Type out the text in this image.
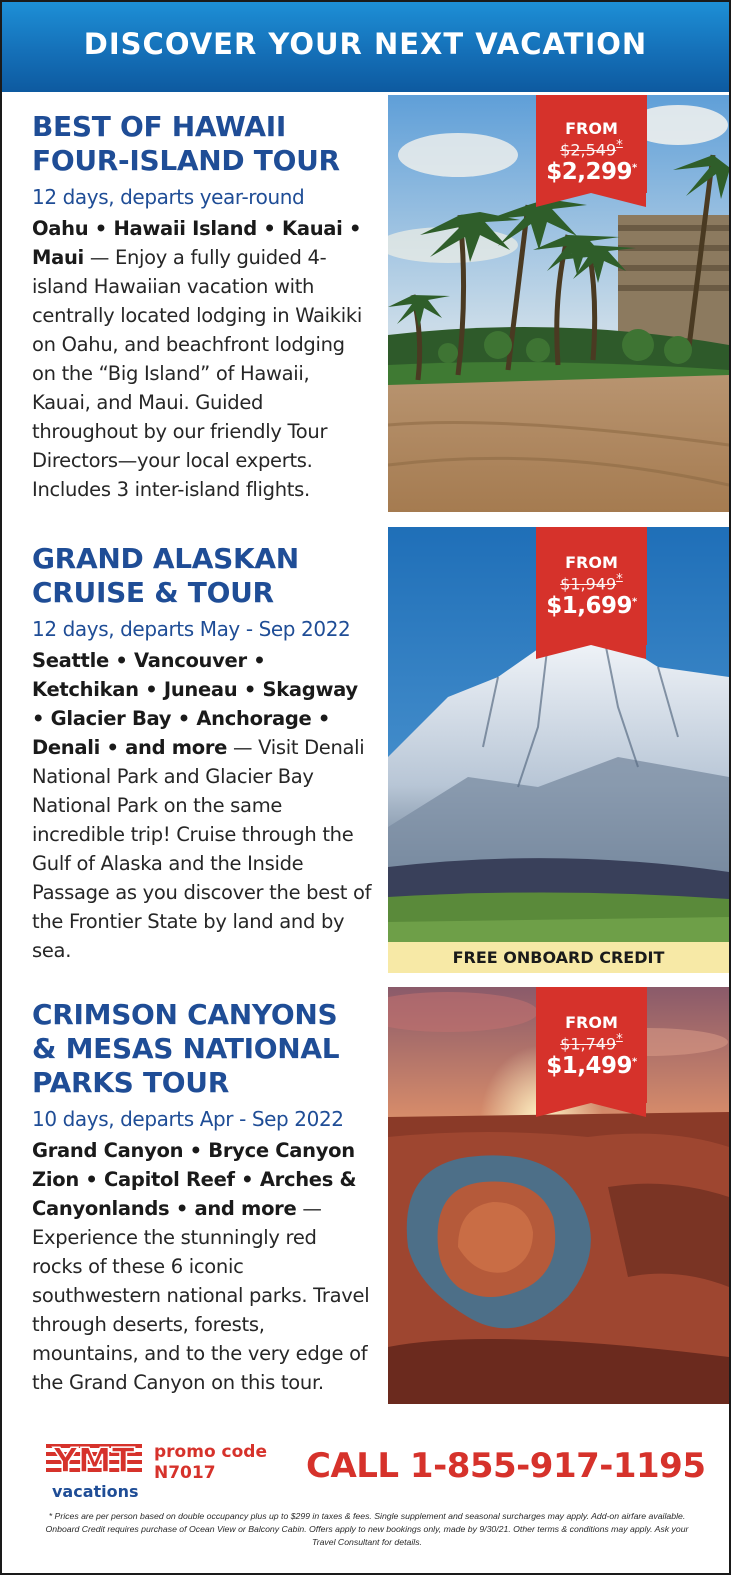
DISCOVER YOUR NEXT VACATION
BEST OF HAWAII
FOUR-ISLAND TOUR
12 days, departs year-round
Oahu • Hawaii Island • Kauai • Maui — Enjoy a fully guided 4-island Hawaiian vacation with centrally located lodging in Waikiki on Oahu, and beachfront lodging on the “Big Island” of Hawaii, Kauai, and Maui. Guided throughout by our friendly Tour Directors—your local experts. Includes 3 inter-island flights.
FROM
$2,549*
$2,299*
GRAND ALASKAN
CRUISE & TOUR
12 days, departs May - Sep 2022
Seattle • Vancouver • Ketchikan • Juneau • Skagway • Glacier Bay • Anchorage • Denali • and more — Visit Denali National Park and Glacier Bay National Park on the same incredible trip! Cruise through the Gulf of Alaska and the Inside Passage as you discover the best of the Frontier State by land and by sea.
FROM
$1,949*
$1,699*
FREE ONBOARD CREDIT
CRIMSON CANYONS
& MESAS NATIONAL
PARKS TOUR
10 days, departs Apr - Sep 2022
Grand Canyon • Bryce Canyon Zion • Capitol Reef • Arches & Canyonlands • and more — Experience the stunningly red rocks of these 6 iconic southwestern national parks. Travel through deserts, forests, mountains, and to the very edge of the Grand Canyon on this tour.
FROM
$1,749*
$1,499*
YMT
vacations
promo code
N7017	CALL 1-855-917-1195
* Prices are per person based on double occupancy plus up to $299 in taxes & fees. Single supplement and seasonal surcharges may apply. Add-on airfare available. Onboard Credit requires purchase of Ocean View or Balcony Cabin. Offers apply to new bookings only, made by 9/30/21. Other terms & conditions may apply. Ask your Travel Consultant for details.
